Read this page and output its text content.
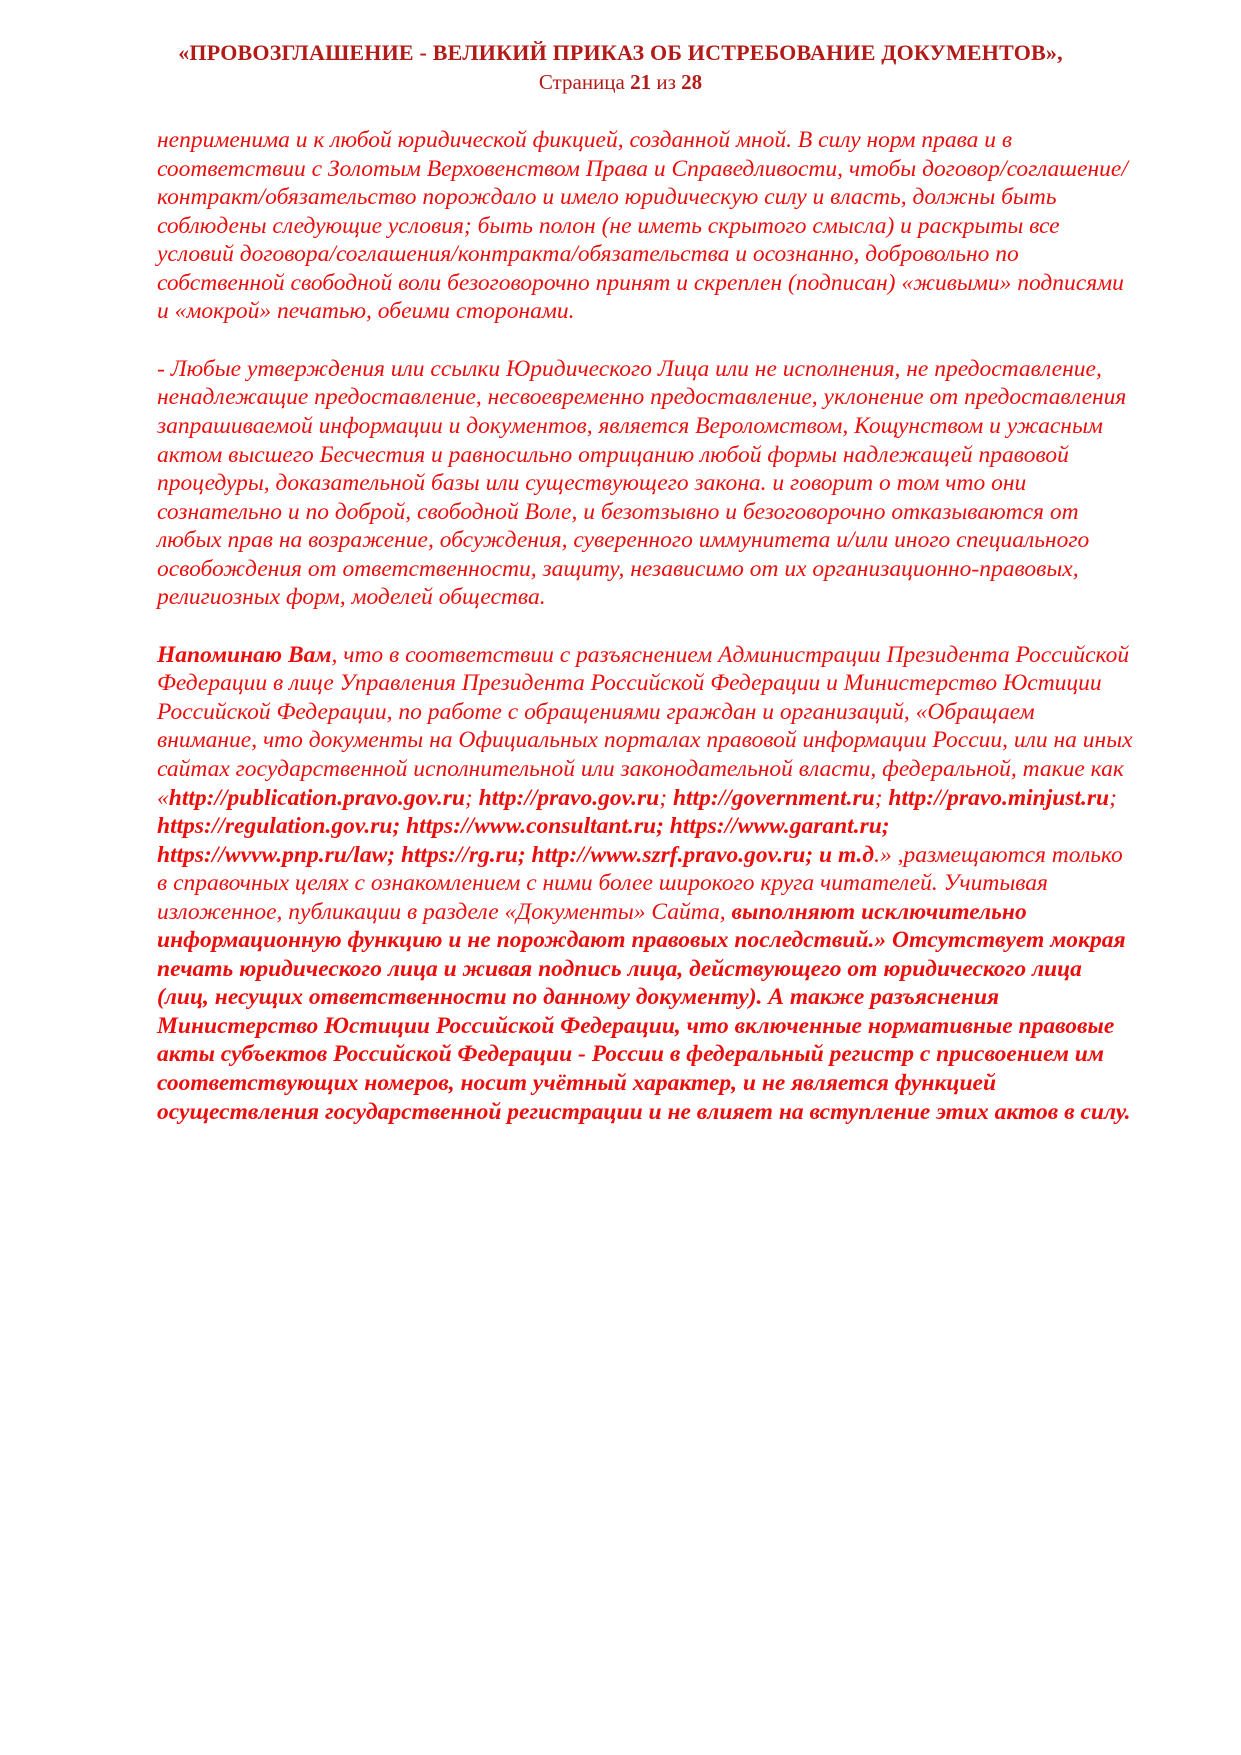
«ПРОВОЗГЛАШЕНИЕ - ВЕЛИКИЙ ПРИКАЗ ОБ ИСТРЕБОВАНИЕ ДОКУМЕНТОВ»,
Страница 21 из 28
неприменима и к любой юридической фикцией, созданной мной. В силу норм права и в соответствии с Золотым Верховенством Права и Справедливости, чтобы договор/соглашение/контракт/обязательство порождало и имело юридическую силу и власть, должны быть соблюдены следующие условия; быть полон (не иметь скрытого смысла) и раскрыты все условий договора/соглашения/контракта/обязательства и осознанно, добровольно по собственной свободной воли безоговорочно принят и скреплен (подписан) «живыми» подписями и «мокрой» печатью, обеими сторонами.
- Любые утверждения или ссылки Юридического Лица или не исполнения, не предоставление, ненадлежащие предоставление, несвоевременно предоставление, уклонение от предоставления запрашиваемой информации и документов, является Вероломством, Кощунством и ужасным актом высшего Бесчестия и равносильно отрицанию любой формы надлежащей правовой процедуры, доказательной базы или существующего закона. и говорит о том что они сознательно и по доброй, свободной Воле, и безотзывно и безоговорочно отказываются от любых прав на возражение, обсуждения, суверенного иммунитета и/или иного специального освобождения от ответственности, защиту, независимо от их организационно-правовых, религиозных форм, моделей общества.
Напоминаю Вам, что в соответствии с разъяснением Администрации Президента Российской Федерации в лице Управления Президента Российской Федерации и Министерство Юстиции Российской Федерации, по работе с обращениями граждан и организаций, «Обращаем внимание, что документы на Официальных порталах правовой информации России, или на иных сайтах государственной исполнительной или законодательной власти, федеральной, такие как «http://publication.pravo.gov.ru; http://pravo.gov.ru; http://government.ru; http://pravo.minjust.ru; https://regulation.gov.ru; https://www.consultant.ru; https://www.garant.ru; https://wvvw.pnp.ru/law; https://rg.ru; http://www.szrf.pravo.gov.ru; и т.д.» ,размещаются только в справочных целях с ознакомлением с ними более широкого круга читателей. Учитывая изложенное, публикации в разделе «Документы» Сайта, выполняют исключительно информационную функцию и не порождают правовых последствий.» Отсутствует мокрая печать юридического лица и живая подпись лица, действующего от юридического лица (лиц, несущих ответственности по данному документу). А также разъяснения Министерство Юстиции Российской Федерации, что включенные нормативные правовые акты субъектов Российской Федерации - России в федеральный регистр с присвоением им соответствующих номеров, носит учётный характер, и не является функцией осуществления государственной регистрации и не влияет на вступление этих актов в силу.
